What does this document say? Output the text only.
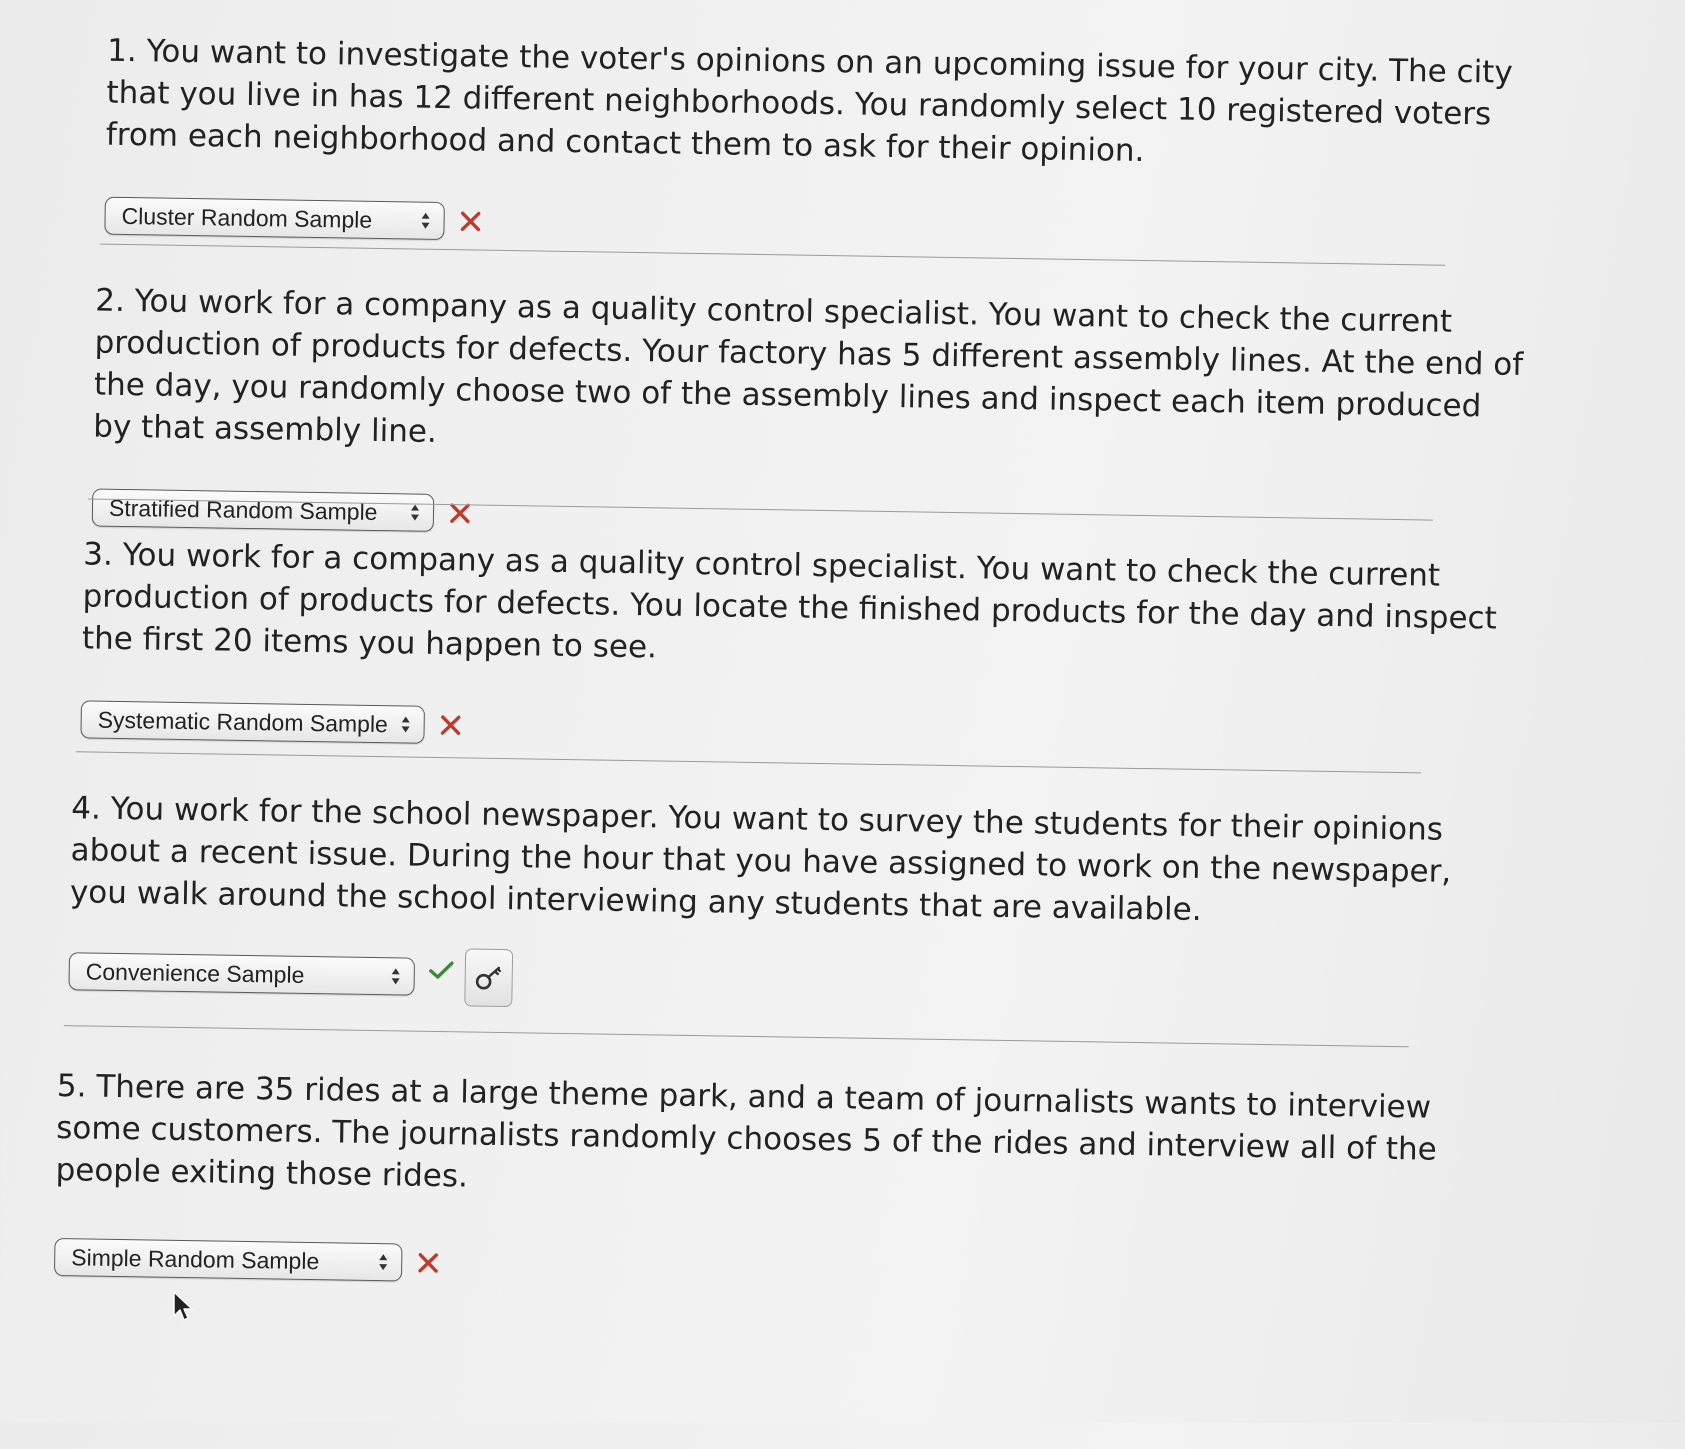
1. You want to investigate the voter's opinions on an upcoming issue for your city. The city that you live in has 12 different neighborhoods. You randomly select 10 registered voters from each neighborhood and contact them to ask for their opinion.

Cluster Random Sample

2. You work for a company as a quality control specialist. You want to check the current production of products for defects. Your factory has 5 different assembly lines. At the end of the day, you randomly choose two of the assembly lines and inspect each item produced by that assembly line.

Stratified Random Sample

3. You work for a company as a quality control specialist. You want to check the current production of products for defects. You locate the finished products for the day and inspect the first 20 items you happen to see.

Systematic Random Sample

4. You work for the school newspaper. You want to survey the students for their opinions about a recent issue. During the hour that you have assigned to work on the newspaper, you walk around the school interviewing any students that are available.

Convenience Sample

5. There are 35 rides at a large theme park, and a team of journalists wants to interview some customers. The journalists randomly chooses 5 of the rides and interview all of the people exiting those rides.

Simple Random Sample
